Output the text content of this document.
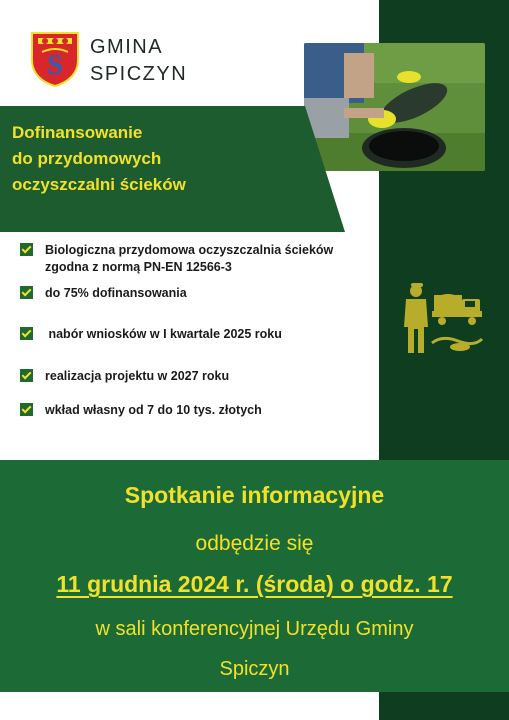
S
GMINA
SPICZYN
Dofinansowanie
do przydomowych
oczyszczalni ścieków
Biologiczna przydomowa oczyszczalnia ścieków
zgodna z normą PN-EN 12566-3
do 75% dofinansowania
nabór wniosków w I kwartale 2025 roku
realizacja projektu w 2027 roku
wkład własny od 7 do 10 tys. złotych
Spotkanie informacyjne
odbędzie się
11 grudnia 2024 r. (środa) o godz. 17
w sali konferencyjnej Urzędu Gminy
Spiczyn
